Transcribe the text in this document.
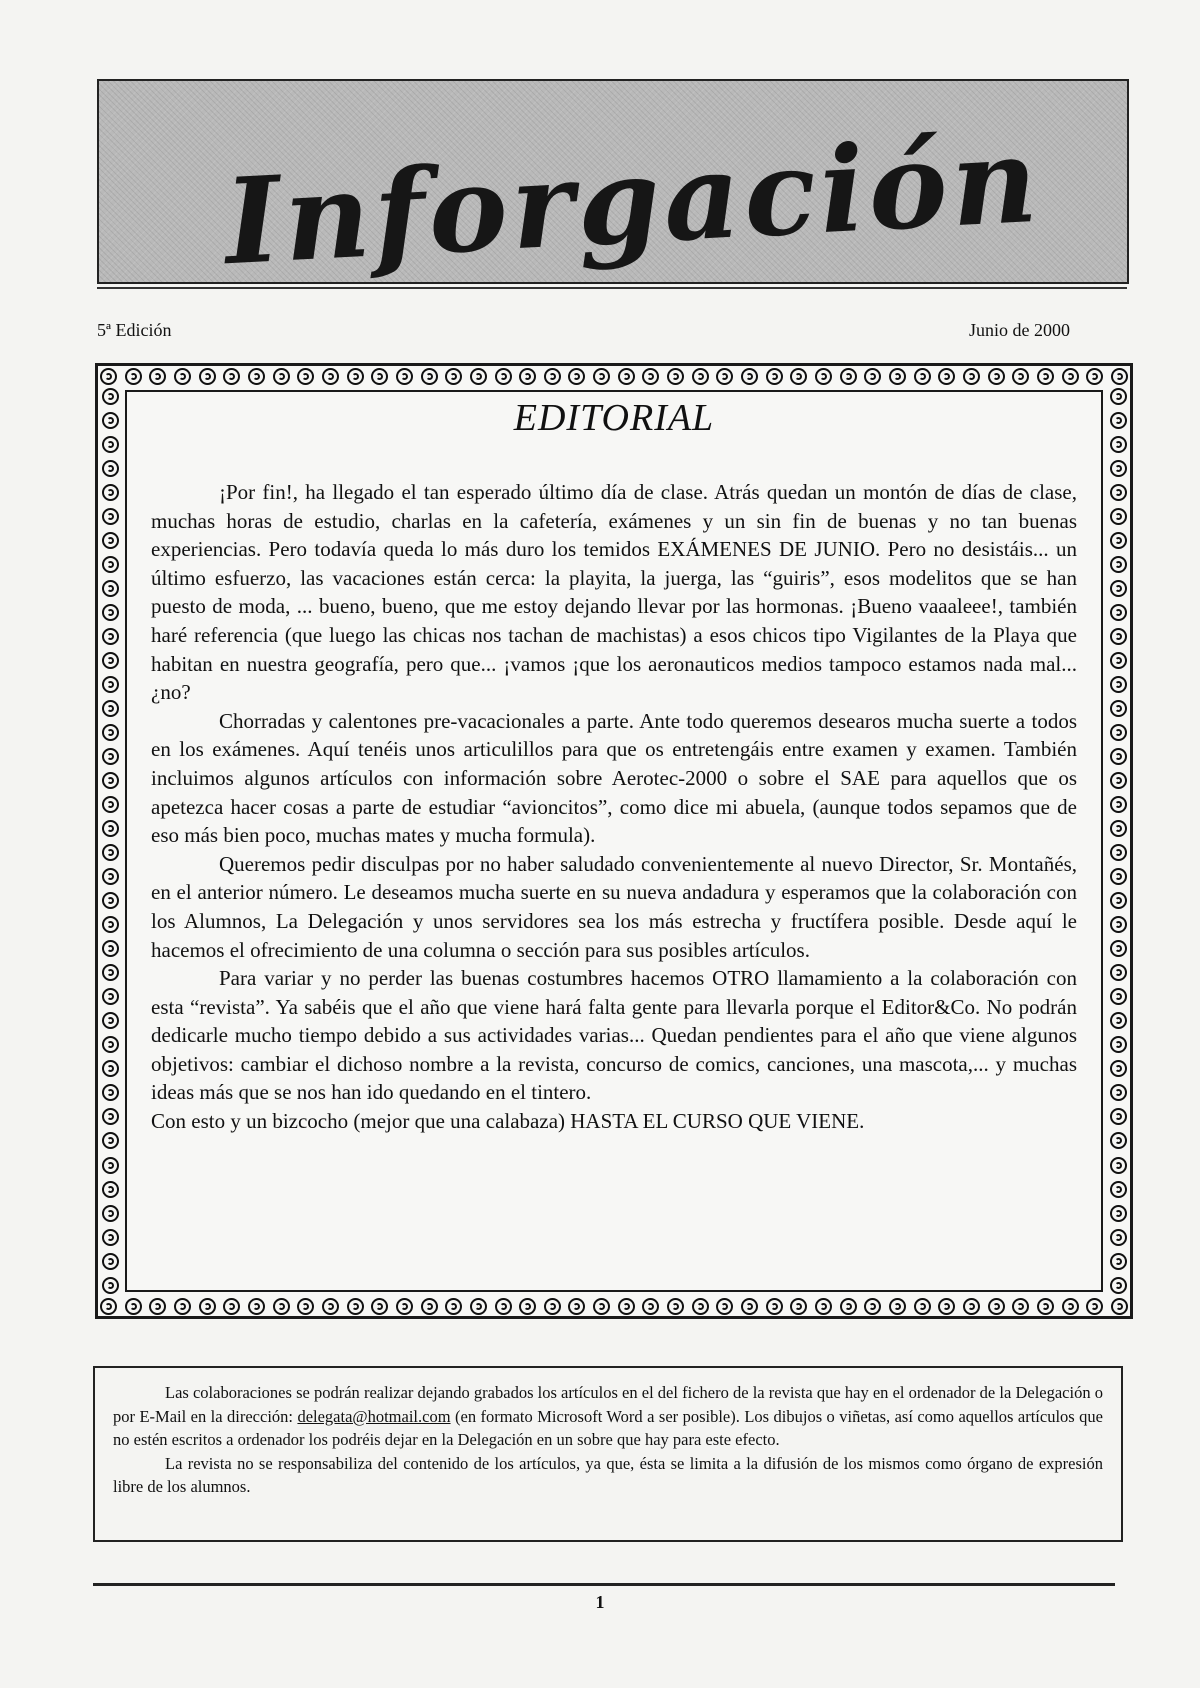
Inforgación
5ª Edición	Junio de 2000
EDITORIAL

¡Por fin!, ha llegado el tan esperado último día de clase. Atrás quedan un montón de días de clase, muchas horas de estudio, charlas en la cafetería, exámenes y un sin fin de buenas y no tan buenas experiencias. Pero todavía queda lo más duro los temidos EXÁMENES DE JUNIO. Pero no desistáis... un último esfuerzo, las vacaciones están cerca: la playita, la juerga, las “guiris”, esos modelitos que se han puesto de moda, ... bueno, bueno, que me estoy dejando llevar por las hormonas. ¡Bueno vaaaleee!, también haré referencia (que luego las chicas nos tachan de machistas) a esos chicos tipo Vigilantes de la Playa que habitan en nuestra geografía, pero que... ¡vamos ¡que los aeronauticos medios tampoco estamos nada mal... ¿no?

Chorradas y calentones pre-vacacionales a parte. Ante todo queremos desearos mucha suerte a todos en los exámenes. Aquí tenéis unos articulillos para que os entretengáis entre examen y examen. También incluimos algunos artículos con información sobre Aerotec-2000 o sobre el SAE para aquellos que os apetezca hacer cosas a parte de estudiar “avioncitos”, como dice mi abuela, (aunque todos sepamos que de eso más bien poco, muchas mates y mucha formula).

Queremos pedir disculpas por no haber saludado convenientemente al nuevo Director, Sr. Montañés, en el anterior número. Le deseamos mucha suerte en su nueva andadura y esperamos que la colaboración con los Alumnos, La Delegación y unos servidores sea los más estrecha y fructífera posible. Desde aquí le hacemos el ofrecimiento de una columna o sección para sus posibles artículos.

Para variar y no perder las buenas costumbres hacemos OTRO llamamiento a la colaboración con esta “revista”. Ya sabéis que el año que viene hará falta gente para llevarla porque el Editor&Co. No podrán dedicarle mucho tiempo debido a sus actividades varias... Quedan pendientes para el año que viene algunos objetivos: cambiar el dichoso nombre a la revista, concurso de comics, canciones, una mascota,... y muchas ideas más que se nos han ido quedando en el tintero.

Con esto y un bizcocho (mejor que una calabaza) HASTA EL CURSO QUE VIENE.

Las colaboraciones se podrán realizar dejando grabados los artículos en el del fichero de la revista que hay en el ordenador de la Delegación o por E-Mail en la dirección: delegata@hotmail.com (en formato Microsoft Word a ser posible). Los dibujos o viñetas, así como aquellos artículos que no estén escritos a ordenador los podréis dejar en la Delegación en un sobre que hay para este efecto.

La revista no se responsabiliza del contenido de los artículos, ya que, ésta se limita a la difusión de los mismos como órgano de expresión libre de los alumnos.

1
